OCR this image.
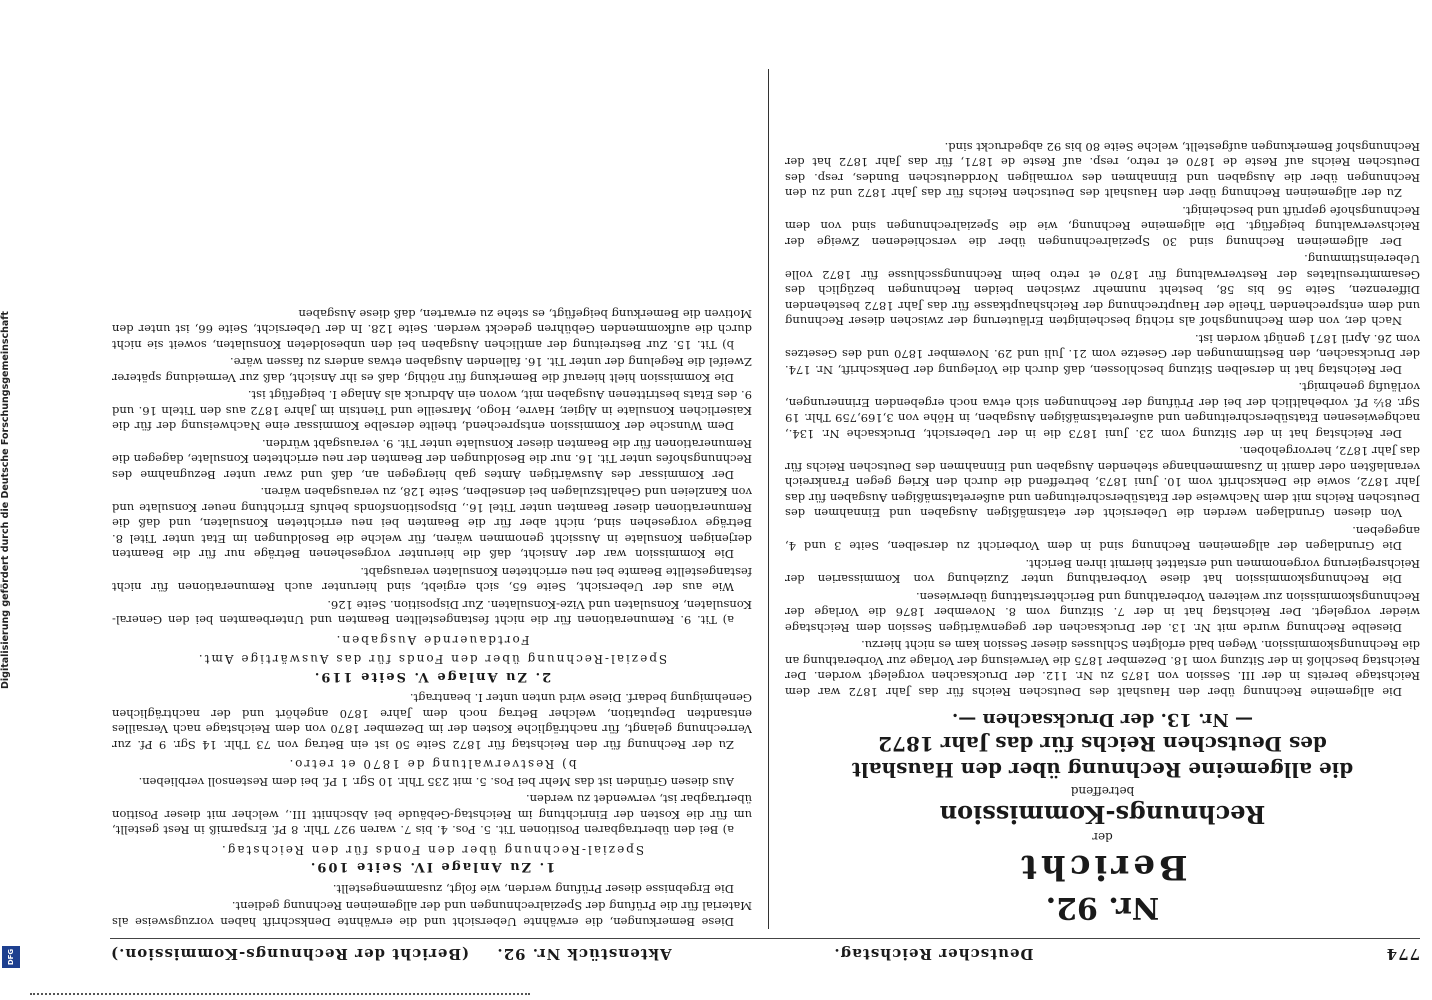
Digitalisierung gefördert durch die Deutsche Forschungsgemeinschaft
DFG	774
Deutscher Reichstag.                          Aktenstück Nr. 92.
(Bericht der Rechnungs-Kommission.)
Nr. 92.
Bericht
der
Rechnungs-Kommission
betreffend
die allgemeine Rechnung über den Haushalt
des Deutschen Reichs für das Jahr 1872
— Nr. 13. der Drucksachen —.

Die allgemeine Rechnung über den Haushalt des Deutschen Reichs für das Jahr 1872 war dem Reichstage bereits in der III. Session von 1875 zu Nr. 112. der Drucksachen vorgelegt worden. Der Reichstag beschloß in der Sitzung vom 18. Dezember 1875 die Verweisung der Vorlage zur Vorberathung an die Rechnungskommission. Wegen bald erfolgten Schlusses dieser Session kam es nicht hierzu.

Dieselbe Rechnung wurde mit Nr. 13. der Drucksachen der gegenwärtigen Session dem Reichstage wieder vorgelegt. Der Reichstag hat in der 7. Sitzung vom 8. November 1876 die Vorlage der Rechnungskommission zur weiteren Vorberathung und Berichterstattung überwiesen.

Die Rechnungskommission hat diese Vorberathung unter Zuziehung von Kommissarien der Reichsregierung vorgenommen und erstattet hiermit ihren Bericht.

Die Grundlagen der allgemeinen Rechnung sind in dem Vorbericht zu derselben, Seite 3 und 4, angegeben.

Von diesen Grundlagen werden die Uebersicht der etatsmäßigen Ausgaben und Einnahmen des Deutschen Reichs mit dem Nachweise der Etatsüberschreitungen und außeretatsmäßigen Ausgaben für das Jahr 1872, sowie die Denkschrift vom 10. Juni 1873, betreffend die durch den Krieg gegen Frankreich veranlaßten oder damit in Zusammenhange stehenden Ausgaben und Einnahmen des Deutschen Reichs für das Jahr 1872, hervorgehoben.

Der Reichstag hat in der Sitzung vom 23. Juni 1873 die in der Uebersicht, Drucksache Nr. 134., nachgewiesenen Etatsüberschreitungen und außeretatsmäßigen Ausgaben, in Höhe von 3,169,759 Thlr. 19 Sgr. 8½ Pf. vorbehaltlich der bei der Prüfung der Rechnungen sich etwa noch ergebenden Erinnerungen, vorläufig genehmigt.

Der Reichstag hat in derselben Sitzung beschlossen, daß durch die Vorlegung der Denkschrift, Nr. 174. der Drucksachen, den Bestimmungen der Gesetze vom 21. Juli und 29. November 1870 und des Gesetzes vom 26. April 1871 genügt worden ist.

Nach der, von dem Rechnungshof als richtig bescheinigten Erläuterung der zwischen dieser Rechnung und dem entsprechenden Theile der Hauptrechnung der Reichshauptkasse für das Jahr 1872 bestehenden Differenzen, Seite 56 bis 58, besteht nunmehr zwischen beiden Rechnungen bezüglich des Gesammtresultates der Restverwaltung für 1870 et retro beim Rechnungsschlusse für 1872 volle Uebereinstimmung.

Der allgemeinen Rechnung sind 30 Spezialrechnungen über die verschiedenen Zweige der Reichsverwaltung beigefügt. Die allgemeine Rechnung, wie die Spezialrechnungen sind von dem Rechnungshofe geprüft und bescheinigt.

Zu der allgemeinen Rechnung über den Haushalt des Deutschen Reichs für das Jahr 1872 und zu den Rechnungen über die Ausgaben und Einnahmen des vormaligen Norddeutschen Bundes, resp. des Deutschen Reichs auf Reste de 1870 et retro, resp. auf Reste de 1871, für das Jahr 1872 hat der Rechnungshof Bemerkungen aufgestellt, welche Seite 80 bis 92 abgedruckt sind.

Diese Bemerkungen, die erwähnte Uebersicht und die erwähnte Denkschrift haben vorzugsweise als Material für die Prüfung der Spezialrechnungen und der allgemeinen Rechnung gedient.

Die Ergebnisse dieser Prüfung werden, wie folgt, zusammengestellt.

1. Zu Anlage IV. Seite 109.
Spezial-Rechnung über den Fonds für den Reichstag.

a) Bei den übertragbaren Positionen Tit. 5. Pos. 4. bis 7. waren 927 Thlr. 8 Pf. Ersparniß in Rest gestellt, um für die Kosten der Einrichtung im Reichstag-Gebäude bei Abschnitt III., welcher mit dieser Position übertragbar ist, verwendet zu werden.

Aus diesen Gründen ist das Mehr bei Pos. 5. mit 235 Thlr. 10 Sgr. 1 Pf. bei dem Restensoll verblieben.

b) Restverwaltung de 1870 et retro.

Zu der Rechnung für den Reichstag für 1872 Seite 50 ist ein Betrag von 73 Thlr. 14 Sgr. 9 Pf. zur Verrechnung gelangt, für nachträgliche Kosten der im Dezember 1870 von dem Reichstage nach Versailles entsandten Deputation, welcher Betrag noch dem Jahre 1870 angehört und der nachträglichen Genehmigung bedarf. Diese wird unten unter I. beantragt.

2. Zu Anlage V. Seite 119.
Spezial-Rechnung über den Fonds für das Auswärtige Amt.
Fortdauernde Ausgaben.

a) Tit. 9. Remunerationen für die nicht festangestellten Beamten und Unterbeamten bei den General-Konsulaten, Konsulaten und Vize-Konsulaten. Zur Disposition. Seite 126.

Wie aus der Uebersicht, Seite 65, sich ergiebt, sind hierunter auch Remunerationen für nicht festangestellte Beamte bei neu errichteten Konsulaten verausgabt.

Die Kommission war der Ansicht, daß die hierunter vorgesehenen Beträge nur für die Beamten derjenigen Konsulate in Aussicht genommen wären, für welche die Besoldungen im Etat unter Titel 8. Beträge vorgesehen sind, nicht aber für die Beamten bei neu errichteten Konsulaten, und daß die Remunerationen dieser Beamten unter Titel 16., Dispositionsfonds behufs Errichtung neuer Konsulate und von Kanzleien und Gehaltszulagen bei denselben, Seite 128, zu verausgaben wären.

Der Kommissar des Auswärtigen Amtes gab hiergegen an, daß und zwar unter Bezugnahme des Rechnungshofes unter Tit. 16. nur die Besoldungen der Beamten der neu errichteten Konsulate, dagegen die Remunerationen für die Beamten dieser Konsulate unter Tit. 9. verausgabt würden.

Dem Wunsche der Kommission entsprechend, theilte derselbe Kommissar eine Nachweisung der für die Kaiserlichen Konsulate in Algier, Havre, Hogo, Marseille und Tientsin im Jahre 1872 aus den Titeln 16. und 9. des Etats bestrittenen Ausgaben mit, wovon ein Abdruck als Anlage I. beigefügt ist.

Die Kommission hielt hierauf die Bemerkung für nöthig, daß es ihr Ansicht, daß zur Vermeidung späterer Zweifel die Regelung der unter Tit. 16. fallenden Ausgaben etwas anders zu fassen wäre.

b) Tit. 15. Zur Bestreitung der amtlichen Ausgaben bei den unbesoldeten Konsulaten, soweit sie nicht durch die aufkommenden Gebühren gedeckt werden. Seite 128. In der Uebersicht, Seite 66, ist unter den Motiven die Bemerkung beigefügt, es stehe zu erwarten, daß diese Ausgaben
